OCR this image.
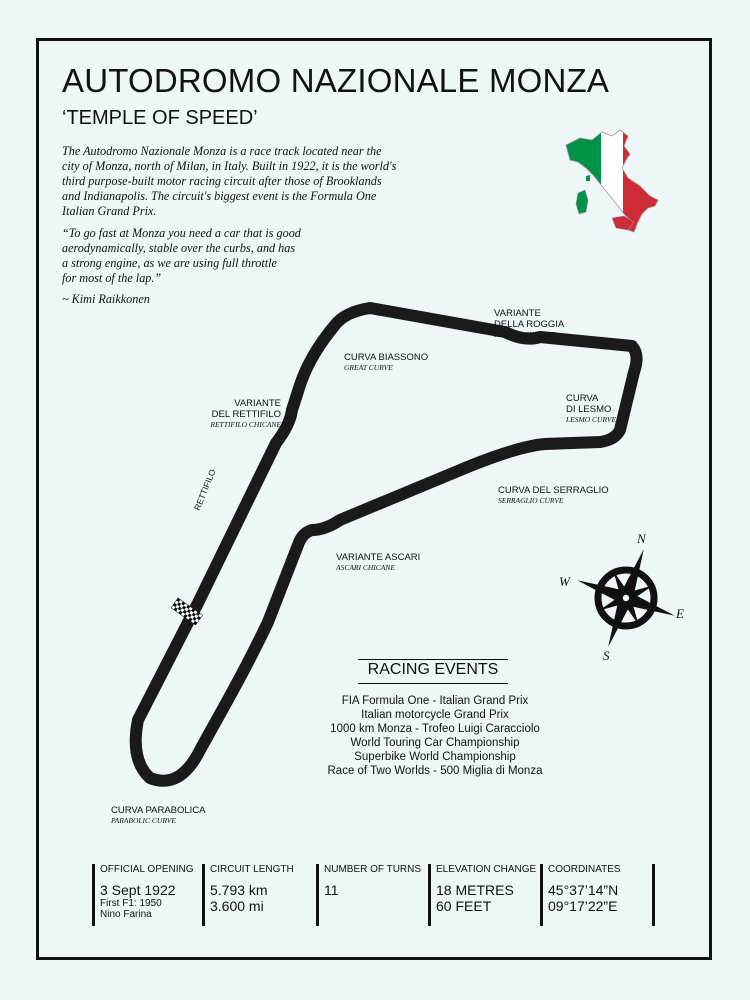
AUTODROMO NAZIONALE MONZA
‘TEMPLE OF SPEED’
The Autodromo Nazionale Monza is a race track located near the
city of Monza, north of Milan, in Italy. Built in 1922, it is the world's
third purpose-built motor racing circuit after those of Brooklands
and Indianapolis. The circuit's biggest event is the Formula One
Italian Grand Prix.
“To go fast at Monza you need a car that is good
aerodynamically, stable over the curbs, and has
a strong engine, as we are using full throttle
for most of the lap.”
~ Kimi Raikkonen
N
S
E
W

VARIANTE
DELLA ROGGIA

ROGGIA CHICANE

CURVA BIASSONO

GREAT CURVE

VARIANTE
DEL RETTIFILO

RETTIFILO CHICANE

CURVA
DI LESMO

LESMO CURVE

CURVA DEL SERRAGLIO

SERRAGLIO CURVE

VARIANTE ASCARI

ASCARI CHICANE

CURVA PARABOLICA

PARABOLIC CURVE

RETTIFILO
RACING EVENTS
FIA Formula One - Italian Grand Prix
Italian motorcycle Grand Prix
1000 km Monza - Trofeo Luigi Caracciolo
World Touring Car Championship
Superbike World Championship
Race of Two Worlds - 500 Miglia di Monza
OFFICIAL OPENING
3 Sept 1922
First F1: 1950
Nino Farina
CIRCUIT LENGTH
5.793 km
3.600 mi
NUMBER OF TURNS
11
ELEVATION CHANGE
18 METRES
60 FEET
COORDINATES
45°37’14”N
09°17’22”E
